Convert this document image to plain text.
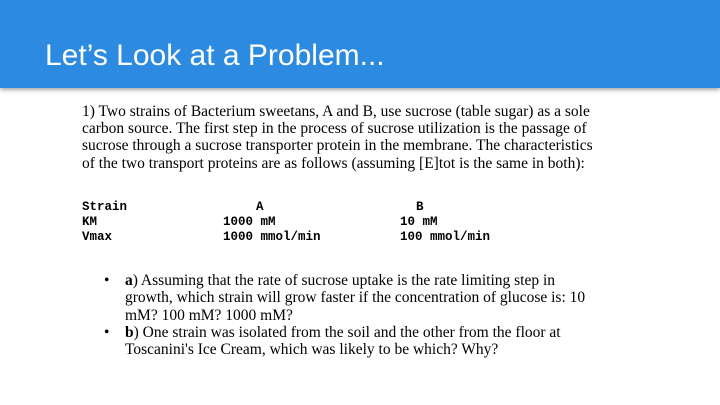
Let’s Look at a Problem...

1) Two strains of Bacterium sweetans, A and B, use sucrose (table sugar) as a sole
carbon source. The first step in the process of sucrose utilization is the passage of
sucrose through a sucrose transporter protein in the membrane. The characteristics
of the two transport proteins are as follows (assuming [E]tot is the same in both):

Strain	A	B
KM	1000 mM	10 mM
Vmax	1000 mmol/min	100 mmol/min
• a) Assuming that the rate of sucrose uptake is the rate limiting step in
growth, which strain will grow faster if the concentration of glucose is: 10
mM? 100 mM? 1000 mM?
• b) One strain was isolated from the soil and the other from the floor at
Toscanini's Ice Cream, which was likely to be which? Why?
